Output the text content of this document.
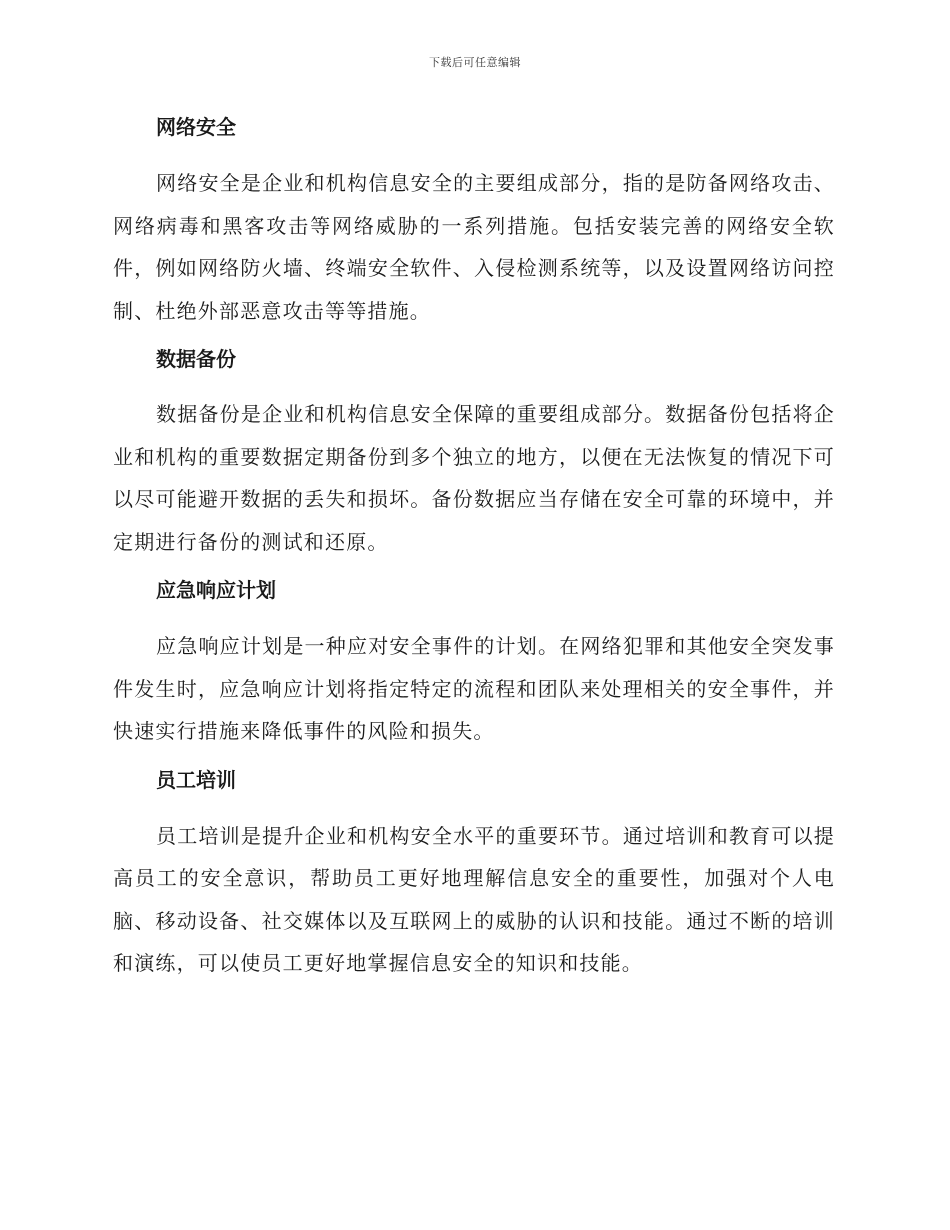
下载后可任意编辑
网络安全

网络安全是企业和机构信息安全的主要组成部分，指的是防备网络攻击、网络病毒和黑客攻击等网络威胁的一系列措施。包括安装完善的网络安全软件，例如网络防火墙、终端安全软件、入侵检测系统等，以及设置网络访问控制、杜绝外部恶意攻击等等措施。

数据备份

数据备份是企业和机构信息安全保障的重要组成部分。数据备份包括将企业和机构的重要数据定期备份到多个独立的地方，以便在无法恢复的情况下可以尽可能避开数据的丢失和损坏。备份数据应当存储在安全可靠的环境中，并定期进行备份的测试和还原。

应急响应计划

应急响应计划是一种应对安全事件的计划。在网络犯罪和其他安全突发事件发生时，应急响应计划将指定特定的流程和团队来处理相关的安全事件，并快速实行措施来降低事件的风险和损失。

员工培训

员工培训是提升企业和机构安全水平的重要环节。通过培训和教育可以提高员工的安全意识，帮助员工更好地理解信息安全的重要性，加强对个人电脑、移动设备、社交媒体以及互联网上的威胁的认识和技能。通过不断的培训和演练，可以使员工更好地掌握信息安全的知识和技能。
